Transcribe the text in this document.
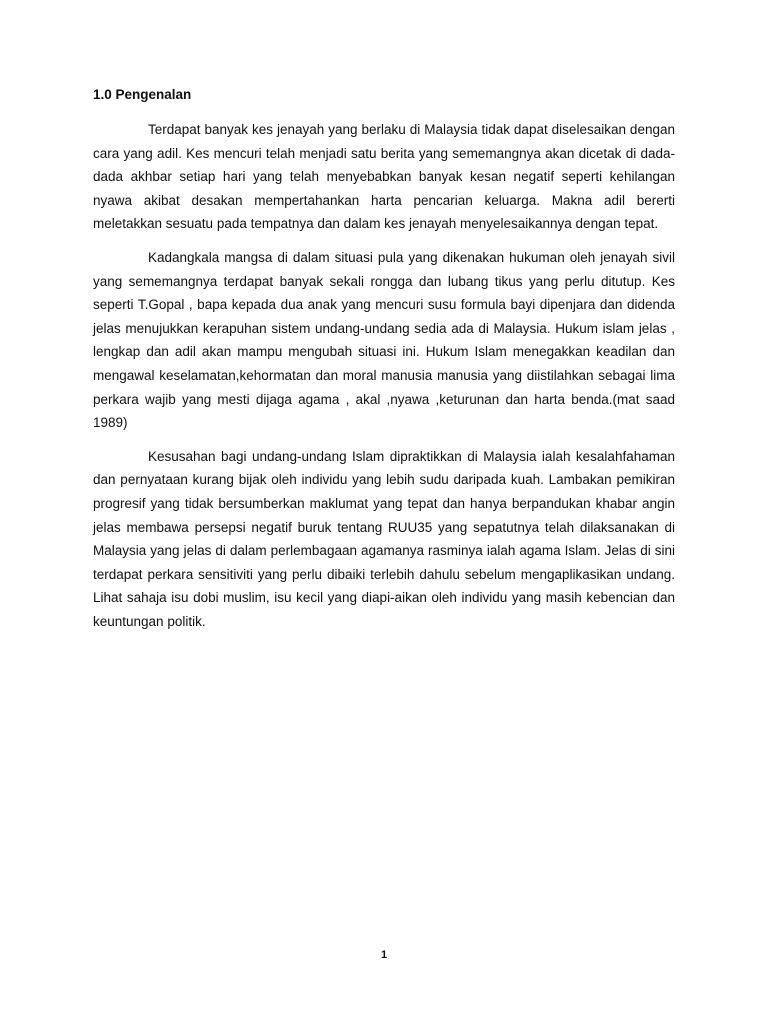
1.0 Pengenalan

Terdapat banyak kes jenayah yang berlaku di Malaysia tidak dapat diselesaikan dengan cara yang adil. Kes mencuri telah menjadi satu berita yang sememangnya akan dicetak di dada-dada akhbar setiap hari yang telah menyebabkan banyak kesan negatif seperti kehilangan nyawa akibat desakan mempertahankan harta pencarian keluarga. Makna adil bererti meletakkan sesuatu pada tempatnya dan dalam kes jenayah menyelesaikannya dengan tepat.

Kadangkala mangsa di dalam situasi pula yang dikenakan hukuman oleh jenayah sivil yang sememangnya terdapat banyak sekali rongga dan lubang tikus yang perlu ditutup. Kes seperti T.Gopal , bapa kepada dua anak yang mencuri susu formula bayi dipenjara dan didenda jelas menujukkan kerapuhan sistem undang-undang sedia ada di Malaysia. Hukum islam jelas , lengkap dan adil akan mampu mengubah situasi ini. Hukum Islam menegakkan keadilan dan mengawal keselamatan,kehormatan dan moral manusia manusia yang diistilahkan sebagai lima perkara wajib yang mesti dijaga agama , akal ,nyawa ,keturunan dan harta benda.(mat saad 1989)

Kesusahan bagi undang-undang Islam dipraktikkan di Malaysia ialah kesalahfahaman dan pernyataan kurang bijak oleh individu yang lebih sudu daripada kuah. Lambakan pemikiran progresif yang tidak bersumberkan maklumat yang tepat dan hanya berpandukan khabar angin jelas membawa persepsi negatif buruk tentang RUU35 yang sepatutnya telah dilaksanakan di Malaysia yang jelas di dalam perlembagaan agamanya rasminya ialah agama Islam. Jelas di sini terdapat perkara sensitiviti yang perlu dibaiki terlebih dahulu sebelum mengaplikasikan undang. Lihat sahaja isu dobi muslim, isu kecil yang diapi-aikan oleh individu yang masih kebencian dan keuntungan politik.

1
